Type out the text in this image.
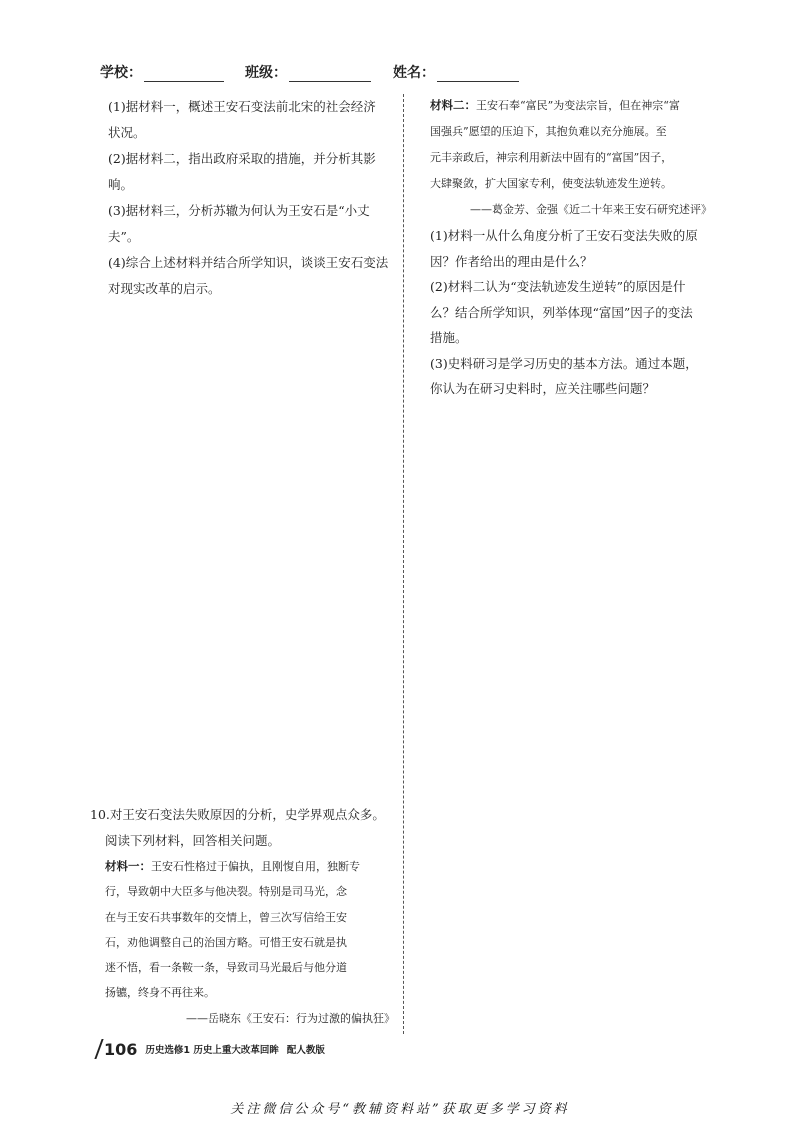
学校：	班级：	姓名：

(1)据材料一，概述王安石变法前北宋的社会经济

状况。

(2)据材料二，指出政府采取的措施，并分析其影响。

(3)据材料三，分析苏辙为何认为王安石是“小丈夫”。

(4)综合上述材料并结合所学知识，谈谈王安石变法

对现实改革的启示。

材料二：王安石奉“富民”为变法宗旨，但在神宗“富

国强兵”愿望的压迫下，其抱负难以充分施展。至

元丰亲政后，神宗利用新法中固有的“富国”因子，

大肆聚敛，扩大国家专利，使变法轨迹发生逆转。

——葛金芳、金强《近二十年来王安石研究述评》

(1)材料一从什么角度分析了王安石变法失败的原

因？作者给出的理由是什么？

(2)材料二认为“变法轨迹发生逆转”的原因是什

么？结合所学知识，列举体现“富国”因子的变法

措施。

(3)史料研习是学习历史的基本方法。通过本题，

你认为在研习史料时，应关注哪些问题？

10.对王安石变法失败原因的分析，史学界观点众多。

阅读下列材料，回答相关问题。

材料一：王安石性格过于偏执，且刚愎自用，独断专

行，导致朝中大臣多与他决裂。特别是司马光，念

在与王安石共事数年的交情上，曾三次写信给王安

石，劝他调整自己的治国方略。可惜王安石就是执

迷不悟，看一条鞍一条，导致司马光最后与他分道

扬镳，终身不再往来。

——岳晓东《王安石：行为过激的偏执狂》

106 历史选修1 历史上重大改革回眸 配人教版
关注微信公众号“教辅资料站”获取更多学习资料
